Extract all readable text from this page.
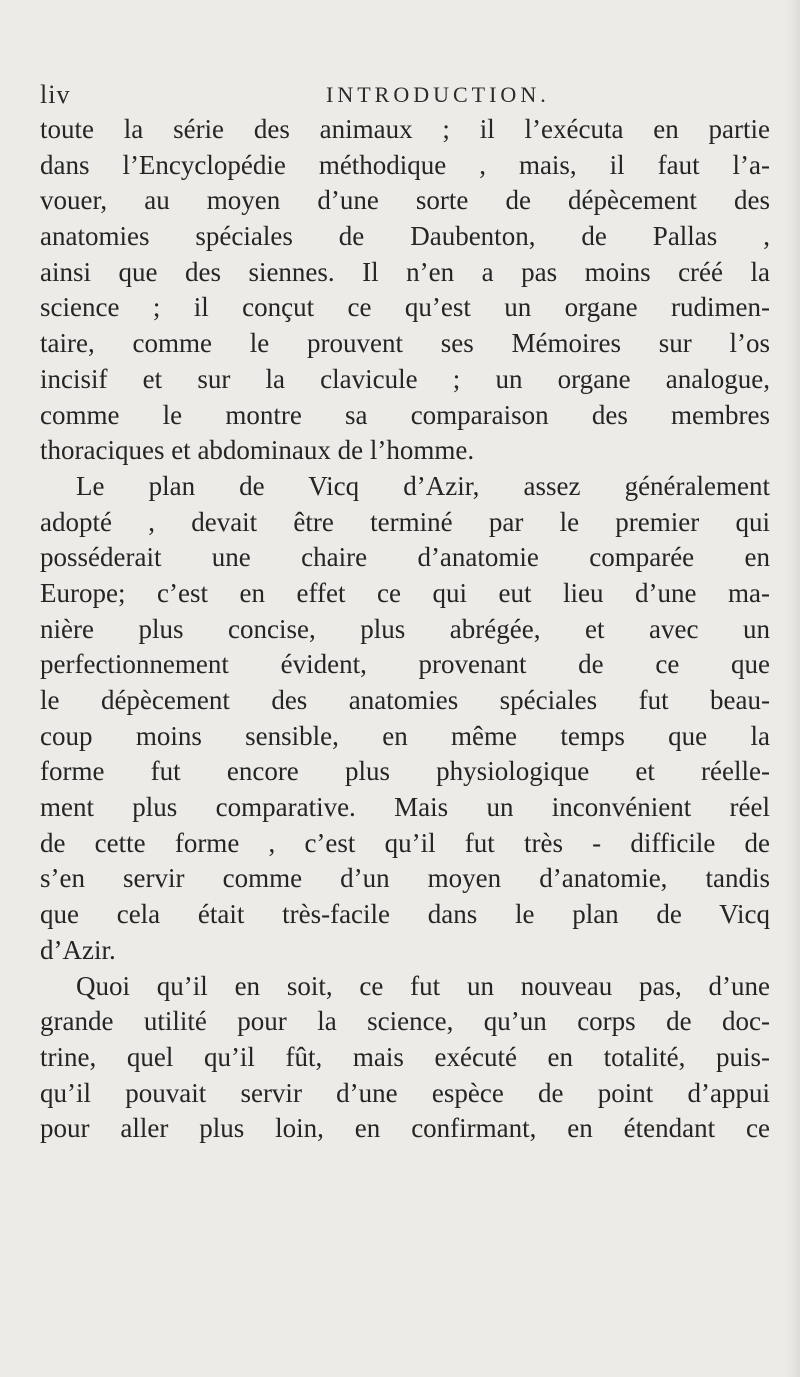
liv	INTRODUCTION.
toute la série des animaux ; il l’exécuta en partie
dans l’Encyclopédie méthodique , mais, il faut l’a-
vouer, au moyen d’une sorte de dépècement des
anatomies spéciales de Daubenton, de Pallas ,
ainsi que des siennes. Il n’en a pas moins créé la
science ; il conçut ce qu’est un organe rudimen-
taire, comme le prouvent ses Mémoires sur l’os
incisif et sur la clavicule ; un organe analogue,
comme le montre sa comparaison des membres
thoraciques et abdominaux de l’homme.
Le plan de Vicq d’Azir, assez généralement
adopté , devait être terminé par le premier qui
posséderait une chaire d’anatomie comparée en
Europe; c’est en effet ce qui eut lieu d’une ma-
nière plus concise, plus abrégée, et avec un
perfectionnement évident, provenant de ce que
le dépècement des anatomies spéciales fut beau-
coup moins sensible, en même temps que la
forme fut encore plus physiologique et réelle-
ment plus comparative. Mais un inconvénient réel
de cette forme , c’est qu’il fut très - difficile de
s’en servir comme d’un moyen d’anatomie, tandis
que cela était très-facile dans le plan de Vicq
d’Azir.
Quoi qu’il en soit, ce fut un nouveau pas, d’une
grande utilité pour la science, qu’un corps de doc-
trine, quel qu’il fût, mais exécuté en totalité, puis-
qu’il pouvait servir d’une espèce de point d’appui
pour aller plus loin, en confirmant, en étendant ce
